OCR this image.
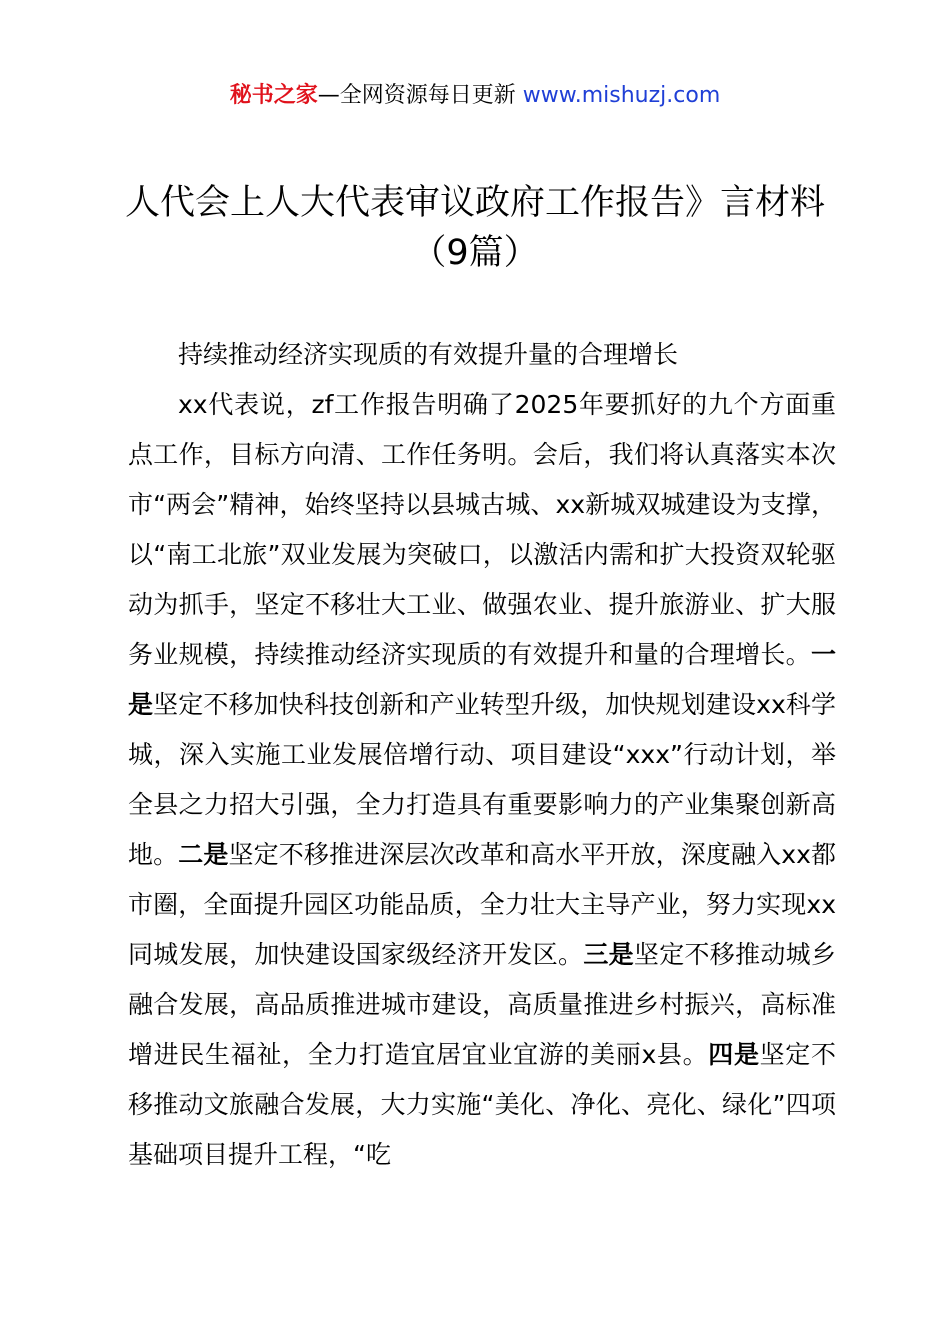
秘书之家—全网资源每日更新 www.mishuzj.com
人代会上人大代表审议政府工作报告》言材料
（9篇）

持续推动经济实现质的有效提升量的合理增长

xx代表说，zf工作报告明确了2025年要抓好的九个方面重点工作，目标方向清、工作任务明。会后，我们将认真落实本次市“两会”精神，始终坚持以县城古城、xx新城双城建设为支撑，以“南工北旅”双业发展为突破口，以激活内需和扩大投资双轮驱动为抓手，坚定不移壮大工业、做强农业、提升旅游业、扩大服务业规模，持续推动经济实现质的有效提升和量的合理增长。一是坚定不移加快科技创新和产业转型升级，加快规划建设xx科学城，深入实施工业发展倍增行动、项目建设“xxx”行动计划，举全县之力招大引强，全力打造具有重要影响力的产业集聚创新高地。二是坚定不移推进深层次改革和高水平开放，深度融入xx都市圈，全面提升园区功能品质，全力壮大主导产业，努力实现xx同城发展，加快建设国家级经济开发区。三是坚定不移推动城乡融合发展，高品质推进城市建设，高质量推进乡村振兴，高标准增进民生福祉，全力打造宜居宜业宜游的美丽x县。四是坚定不移推动文旅融合发展，大力实施“美化、净化、亮化、绿化”四项基础项目提升工程，“吃
